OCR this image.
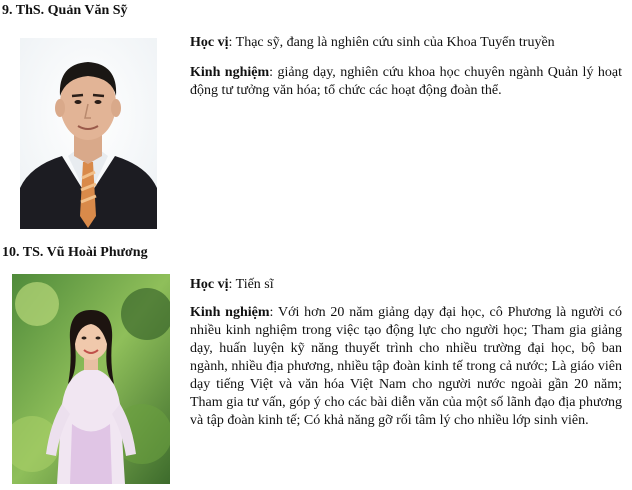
9. ThS. Quản Văn Sỹ

Học vị: Thạc sỹ, đang là nghiên cứu sinh của Khoa Tuyển truyền

Kinh nghiệm: giảng dạy, nghiên cứu khoa học chuyên ngành Quản lý hoạt động tư tưởng văn hóa; tổ chức các hoạt động đoàn thể.

10. TS. Vũ Hoài Phương

Học vị: Tiến sĩ

Kinh nghiệm: Với hơn 20 năm giảng dạy đại học, cô Phương là người có nhiều kinh nghiệm trong việc tạo động lực cho người học; Tham gia giảng dạy, huấn luyện kỹ năng thuyết trình cho nhiều trường đại học, bộ ban ngành, nhiều địa phương, nhiều tập đoàn kinh tế trong cả nước; Là giáo viên dạy tiếng Việt và văn hóa Việt Nam cho người nước ngoài gần 20 năm; Tham gia tư vấn, góp ý cho các bài diễn văn của một số lãnh đạo địa phương và tập đoàn kinh tế; Có khả năng gỡ rối tâm lý cho nhiều lớp sinh viên.
